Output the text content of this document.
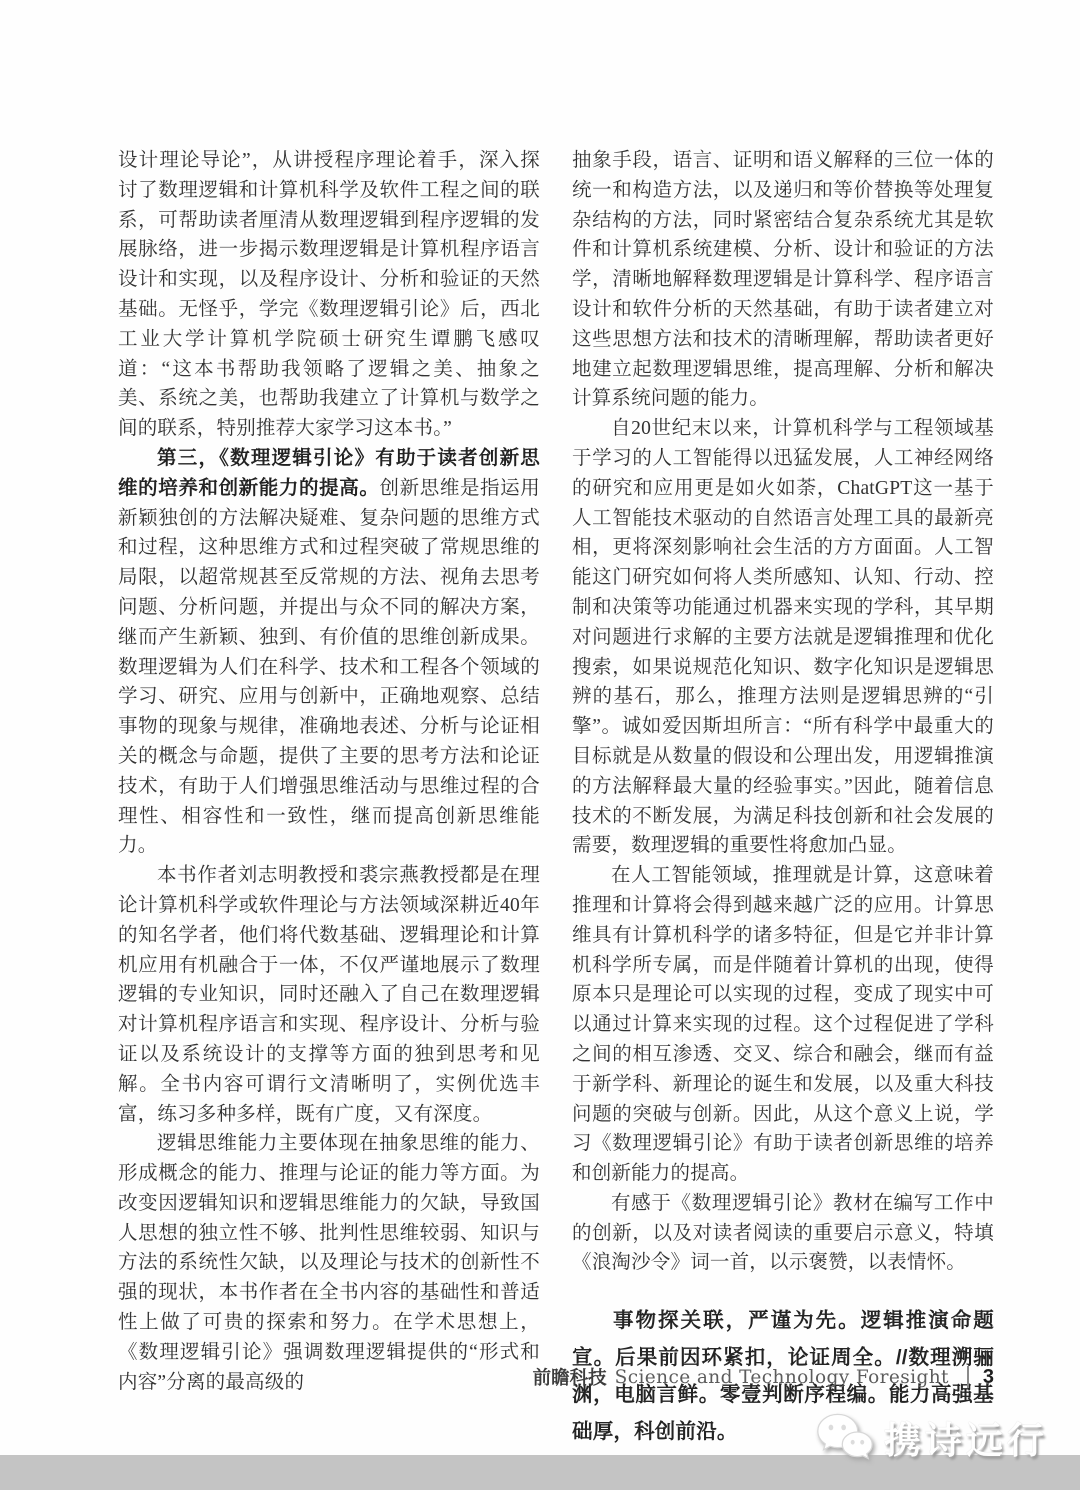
设计理论导论”，从讲授程序理论着手，深入探讨了数理逻辑和计算机科学及软件工程之间的联系，可帮助读者厘清从数理逻辑到程序逻辑的发展脉络，进一步揭示数理逻辑是计算机程序语言设计和实现，以及程序设计、分析和验证的天然基础。无怪乎，学完《数理逻辑引论》后，西北工业大学计算机学院硕士研究生谭鹏飞感叹道：“这本书帮助我领略了逻辑之美、抽象之美、系统之美，也帮助我建立了计算机与数学之间的联系，特别推荐大家学习这本书。”

第三，《数理逻辑引论》有助于读者创新思维的培养和创新能力的提高。创新思维是指运用新颖独创的方法解决疑难、复杂问题的思维方式和过程，这种思维方式和过程突破了常规思维的局限，以超常规甚至反常规的方法、视角去思考问题、分析问题，并提出与众不同的解决方案，继而产生新颖、独到、有价值的思维创新成果。数理逻辑为人们在科学、技术和工程各个领域的学习、研究、应用与创新中，正确地观察、总结事物的现象与规律，准确地表述、分析与论证相关的概念与命题，提供了主要的思考方法和论证技术，有助于人们增强思维活动与思维过程的合理性、相容性和一致性，继而提高创新思维能力。

本书作者刘志明教授和裘宗燕教授都是在理论计算机科学或软件理论与方法领域深耕近40年的知名学者，他们将代数基础、逻辑理论和计算机应用有机融合于一体，不仅严谨地展示了数理逻辑的专业知识，同时还融入了自己在数理逻辑对计算机程序语言和实现、程序设计、分析与验证以及系统设计的支撑等方面的独到思考和见解。全书内容可谓行文清晰明了，实例优选丰富，练习多种多样，既有广度，又有深度。

逻辑思维能力主要体现在抽象思维的能力、形成概念的能力、推理与论证的能力等方面。为改变因逻辑知识和逻辑思维能力的欠缺，导致国人思想的独立性不够、批判性思维较弱、知识与方法的系统性欠缺，以及理论与技术的创新性不强的现状，本书作者在全书内容的基础性和普适性上做了可贵的探索和努力。在学术思想上，《数理逻辑引论》强调数理逻辑提供的“形式和内容”分离的最高级的

抽象手段，语言、证明和语义解释的三位一体的统一和构造方法，以及递归和等价替换等处理复杂结构的方法，同时紧密结合复杂系统尤其是软件和计算机系统建模、分析、设计和验证的方法学，清晰地解释数理逻辑是计算科学、程序语言设计和软件分析的天然基础，有助于读者建立对这些思想方法和技术的清晰理解，帮助读者更好地建立起数理逻辑思维，提高理解、分析和解决计算系统问题的能力。

自20世纪末以来，计算机科学与工程领域基于学习的人工智能得以迅猛发展，人工神经网络的研究和应用更是如火如荼，ChatGPT这一基于人工智能技术驱动的自然语言处理工具的最新亮相，更将深刻影响社会生活的方方面面。人工智能这门研究如何将人类所感知、认知、行动、控制和决策等功能通过机器来实现的学科，其早期对问题进行求解的主要方法就是逻辑推理和优化搜索，如果说规范化知识、数字化知识是逻辑思辨的基石，那么，推理方法则是逻辑思辨的“引擎”。诚如爱因斯坦所言：“所有科学中最重大的目标就是从数量的假设和公理出发，用逻辑推演的方法解释最大量的经验事实。”因此，随着信息技术的不断发展，为满足科技创新和社会发展的需要，数理逻辑的重要性将愈加凸显。

在人工智能领域，推理就是计算，这意味着推理和计算将会得到越来越广泛的应用。计算思维具有计算机科学的诸多特征，但是它并非计算机科学所专属，而是伴随着计算机的出现，使得原本只是理论可以实现的过程，变成了现实中可以通过计算来实现的过程。这个过程促进了学科之间的相互渗透、交叉、综合和融会，继而有益于新学科、新理论的诞生和发展，以及重大科技问题的突破与创新。因此，从这个意义上说，学习《数理逻辑引论》有助于读者创新思维的培养和创新能力的提高。

有感于《数理逻辑引论》教材在编写工作中的创新，以及对读者阅读的重要启示意义，特填《浪淘沙令》词一首，以示褒赞，以表情怀。

事物探关联，严谨为先。逻辑推演命题宣。后果前因环紧扣，论证周全。//数理溯骊渊，电脑言鲜。零壹判断序程编。能力高强基础厚，科创前沿。

前瞻科技 Science and Technology Foresight 3
携诗远行
